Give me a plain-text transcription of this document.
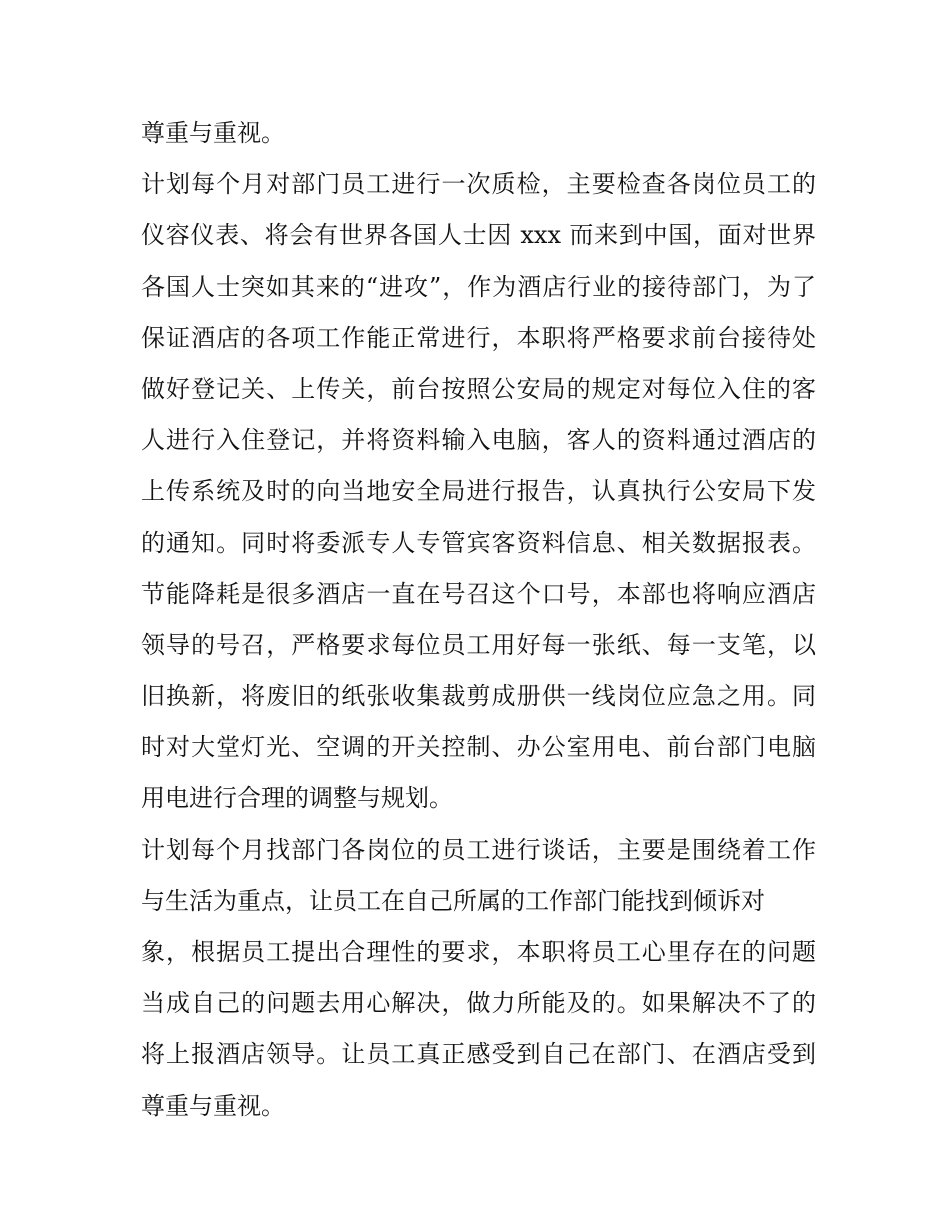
尊重与重视。
计划每个月对部门员工进行一次质检，主要检查各岗位员工的
仪容仪表、将会有世界各国人士因 xxx 而来到中国，面对世界
各国人士突如其来的“进攻”，作为酒店行业的接待部门，为了
保证酒店的各项工作能正常进行，本职将严格要求前台接待处
做好登记关、上传关，前台按照公安局的规定对每位入住的客
人进行入住登记，并将资料输入电脑，客人的资料通过酒店的
上传系统及时的向当地安全局进行报告，认真执行公安局下发
的通知。同时将委派专人专管宾客资料信息、相关数据报表。
节能降耗是很多酒店一直在号召这个口号，本部也将响应酒店
领导的号召，严格要求每位员工用好每一张纸、每一支笔，以
旧换新，将废旧的纸张收集裁剪成册供一线岗位应急之用。同
时对大堂灯光、空调的开关控制、办公室用电、前台部门电脑
用电进行合理的调整与规划。
计划每个月找部门各岗位的员工进行谈话，主要是围绕着工作
与生活为重点，让员工在自己所属的工作部门能找到倾诉对
象，根据员工提出合理性的要求，本职将员工心里存在的问题
当成自己的问题去用心解决，做力所能及的。如果解决不了的
将上报酒店领导。让员工真正感受到自己在部门、在酒店受到
尊重与重视。
